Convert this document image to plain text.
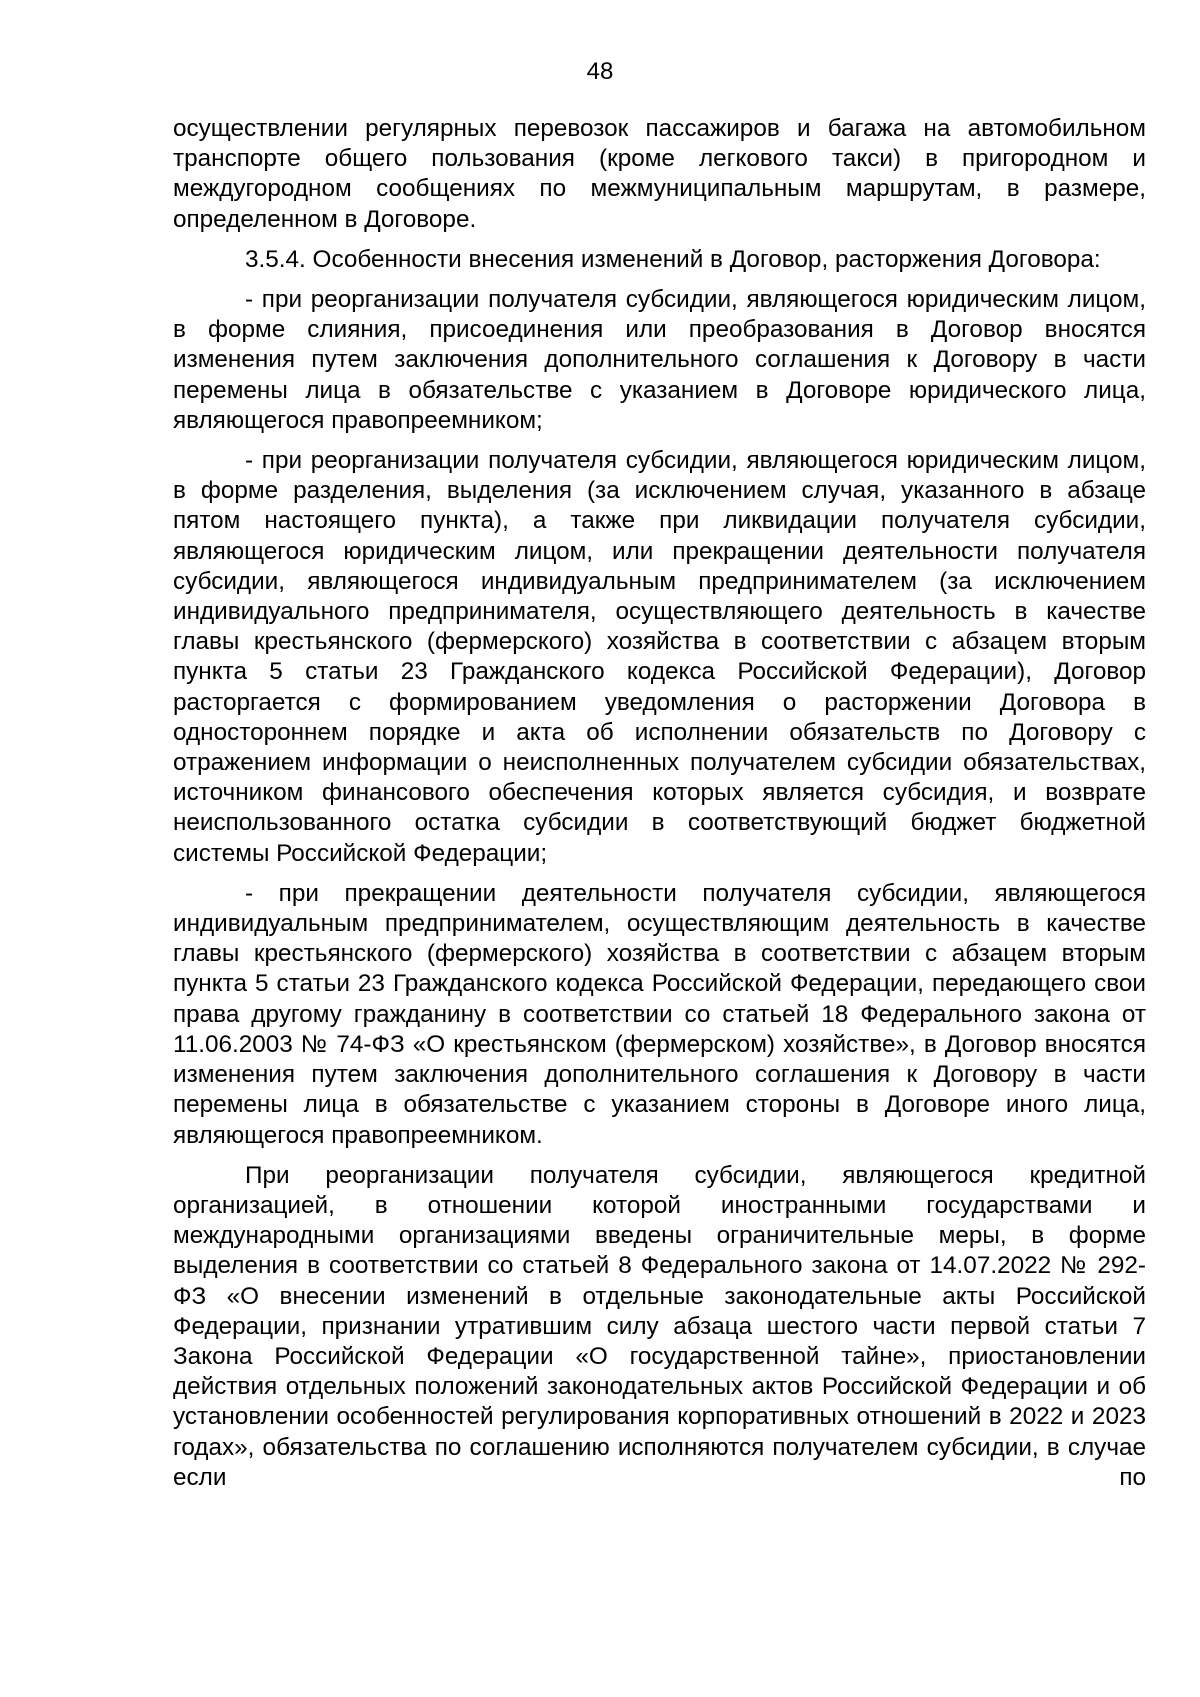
48

осуществлении регулярных перевозок пассажиров и багажа на автомобильном транспорте общего пользования (кроме легкового такси) в пригородном и междугородном сообщениях по межмуниципальным маршрутам, в размере, определенном в Договоре.

3.5.4. Особенности внесения изменений в Договор, расторжения Договора:

- при реорганизации получателя субсидии, являющегося юридическим лицом, в форме слияния, присоединения или преобразования в Договор вносятся изменения путем заключения дополнительного соглашения к Договору в части перемены лица в обязательстве с указанием в Договоре юридического лица, являющегося правопреемником;

- при реорганизации получателя субсидии, являющегося юридическим лицом, в форме разделения, выделения (за исключением случая, указанного в абзаце пятом настоящего пункта), а также при ликвидации получателя субсидии, являющегося юридическим лицом, или прекращении деятельности получателя субсидии, являющегося индивидуальным предпринимателем (за исключением индивидуального предпринимателя, осуществляющего деятельность в качестве главы крестьянского (фермерского) хозяйства в соответствии с абзацем вторым пункта 5 статьи 23 Гражданского кодекса Российской Федерации), Договор расторгается с формированием уведомления о расторжении Договора в одностороннем порядке и акта об исполнении обязательств по Договору с отражением информации о неисполненных получателем субсидии обязательствах, источником финансового обеспечения которых является субсидия, и возврате неиспользованного остатка субсидии в соответствующий бюджет бюджетной системы Российской Федерации;

- при прекращении деятельности получателя субсидии, являющегося индивидуальным предпринимателем, осуществляющим деятельность в качестве главы крестьянского (фермерского) хозяйства в соответствии с абзацем вторым пункта 5 статьи 23 Гражданского кодекса Российской Федерации, передающего свои права другому гражданину в соответствии со статьей 18 Федерального закона от 11.06.2003 № 74-ФЗ «О крестьянском (фермерском) хозяйстве», в Договор вносятся изменения путем заключения дополнительного соглашения к Договору в части перемены лица в обязательстве с указанием стороны в Договоре иного лица, являющегося правопреемником.

При реорганизации получателя субсидии, являющегося кредитной организацией, в отношении которой иностранными государствами и международными организациями введены ограничительные меры, в форме выделения в соответствии со статьей 8 Федерального закона от 14.07.2022 № 292-ФЗ «О внесении изменений в отдельные законодательные акты Российской Федерации, признании утратившим силу абзаца шестого части первой статьи 7 Закона Российской Федерации «О государственной тайне», приостановлении действия отдельных положений законодательных актов Российской Федерации и об установлении особенностей регулирования корпоративных отношений в 2022 и 2023 годах», обязательства по соглашению исполняются получателем субсидии, в случае если по
